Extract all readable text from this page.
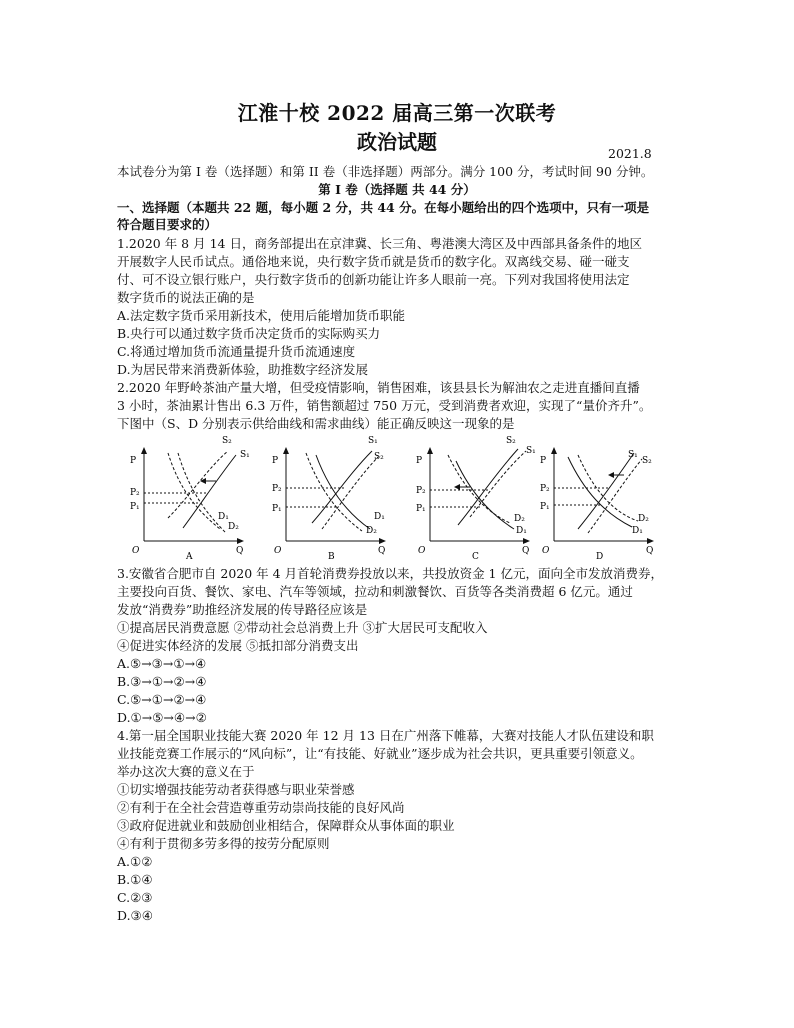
江淮十校 2022 届高三第一次联考
政治试题	2021.8
本试卷分为第 I 卷（选择题）和第 II 卷（非选择题）两部分。满分 100 分，考试时间 90 分钟。
第 I 卷（选择题 共 44 分）
一、选择题（本题共 22 题，每小题 2 分，共 44 分。在每小题给出的四个选项中，只有一项是
符合题目要求的）
1.2020 年 8 月 14 日，商务部提出在京津冀、长三角、粤港澳大湾区及中西部具备条件的地区
开展数字人民币试点。通俗地来说，央行数字货币就是货币的数字化。双离线交易、碰一碰支
付、可不设立银行账户，央行数字货币的创新功能让许多人眼前一亮。下列对我国将使用法定
数字货币的说法正确的是
A.法定数字货币采用新技术，使用后能增加货币职能
B.央行可以通过数字货币决定货币的实际购买力
C.将通过增加货币流通量提升货币流通速度
D.为居民带来消费新体验，助推数字经济发展
2.2020 年野岭茶油产量大增，但受疫情影响，销售困难，该县县长为解油农之走进直播间直播
3 小时，茶油累计售出 6.3 万件，销售额超过 750 万元，受到消费者欢迎，实现了“量价齐升”。
下图中（S、D 分别表示供给曲线和需求曲线）能正确反映这一现象的是
P
P₂
P₁
O	Q
S₂
S₁
D₂
D₁
A
P
P₂
P₁
O	Q
S₁
S₂
D₁
D₂
B
P
P₂
P₁
O	Q
S₂
S₁
D₂
D₁
C
P
P₂
P₁
O	Q
S₁
S₂
D₂
D₁
D
3.安徽省合肥市自 2020 年 4 月首轮消费券投放以来，共投放资金 1 亿元，面向全市发放消费券，
主要投向百货、餐饮、家电、汽车等领域，拉动和刺激餐饮、百货等各类消费超 6 亿元。通过
发放“消费券”助推经济发展的传导路径应该是
①提高居民消费意愿 ②带动社会总消费上升 ③扩大居民可支配收入
④促进实体经济的发展 ⑤抵扣部分消费支出
A.⑤→③→①→④
B.③→①→②→④
C.⑤→①→②→④
D.①→⑤→④→②
4.第一届全国职业技能大赛 2020 年 12 月 13 日在广州落下帷幕，大赛对技能人才队伍建设和职
业技能竞赛工作展示的“风向标”，让“有技能、好就业”逐步成为社会共识，更具重要引领意义。
举办这次大赛的意义在于
①切实增强技能劳动者获得感与职业荣誉感
②有利于在全社会营造尊重劳动崇尚技能的良好风尚
③政府促进就业和鼓励创业相结合，保障群众从事体面的职业
④有利于贯彻多劳多得的按劳分配原则
A.①②
B.①④
C.②③
D.③④
